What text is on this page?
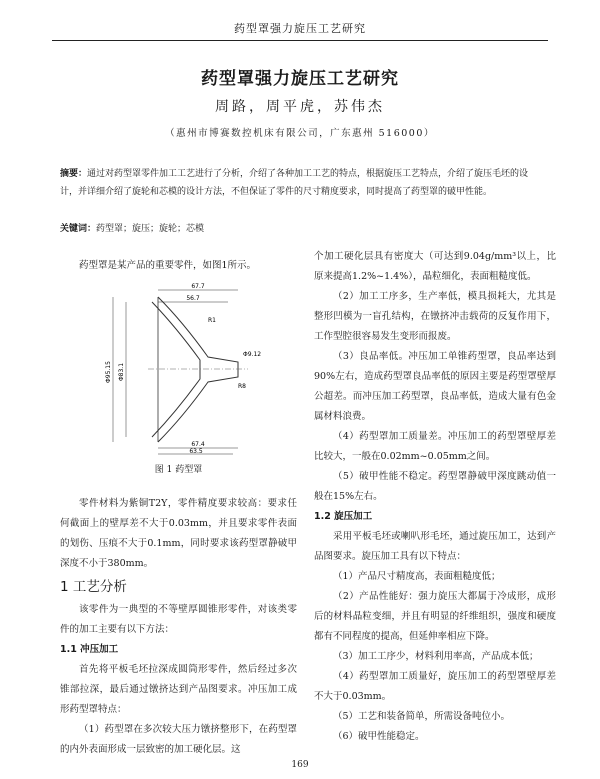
药型罩强力旋压工艺研究
药型罩强力旋压工艺研究
周路，周平虎，苏伟杰
（惠州市博赛数控机床有限公司，广东惠州 516000）
摘要：通过对药型罩零件加工工艺进行了分析，介绍了各种加工工艺的特点，根据旋压工艺特点，介绍了旋压毛坯的设计，并详细介绍了旋轮和芯模的设计方法，不但保证了零件的尺寸精度要求，同时提高了药型罩的破甲性能。
关键词：药型罩；旋压；旋轮；芯模

药型罩是某产品的重要零件，如图1所示。

67.7
56.7
R1
Φ95.15 Φ83.1
Φ9.12
R8
67.4
63.5
图 1 药型罩

零件材料为紫铜T2Y，零件精度要求较高：要求任何截面上的壁厚差不大于0.03mm，并且要求零件表面的划伤、压痕不大于0.1mm，同时要求该药型罩静破甲深度不小于380mm。

1 工艺分析

该零件为一典型的不等壁厚圆锥形零件，对该类零件的加工主要有以下方法：

1.1 冲压加工

首先将平板毛坯拉深成圆筒形零件，然后经过多次锥部拉深，最后通过镦挤达到产品图要求。冲压加工成形药型罩特点：

（1）药型罩在多次较大压力镦挤整形下，在药型罩的内外表面形成一层致密的加工硬化层。这

个加工硬化层具有密度大（可达到9.04g/mm³以上，比原来提高1.2%~1.4%），晶粒细化，表面粗糙度低。

（2）加工工序多，生产率低，模具损耗大，尤其是整形凹模为一盲孔结构，在镦挤冲击载荷的反复作用下，工作型腔很容易发生变形而报废。

（3）良品率低。冲压加工单锥药型罩，良品率达到90%左右，造成药型罩良品率低的原因主要是药型罩壁厚公超差。而冲压加工药型罩，良品率低，造成大量有色金属材料浪费。

（4）药型罩加工质量差。冲压加工的药型罩壁厚差比较大，一般在0.02mm~0.05mm之间。

（5）破甲性能不稳定。药型罩静破甲深度跳动值一般在15%左右。

1.2 旋压加工

采用平板毛坯或喇叭形毛坯，通过旋压加工，达到产品图要求。旋压加工具有以下特点：

（1）产品尺寸精度高，表面粗糙度低；

（2）产品性能好：强力旋压大都属于冷成形，成形后的材料晶粒变细，并且有明显的纤维组织，强度和硬度都有不同程度的提高，但延伸率相应下降。

（3）加工工序少，材料利用率高，产品成本低；

（4）药型罩加工质量好，旋压加工的药型罩壁厚差不大于0.03mm。

（5）工艺和装备简单，所需设备吨位小。

（6）破甲性能稳定。

169
